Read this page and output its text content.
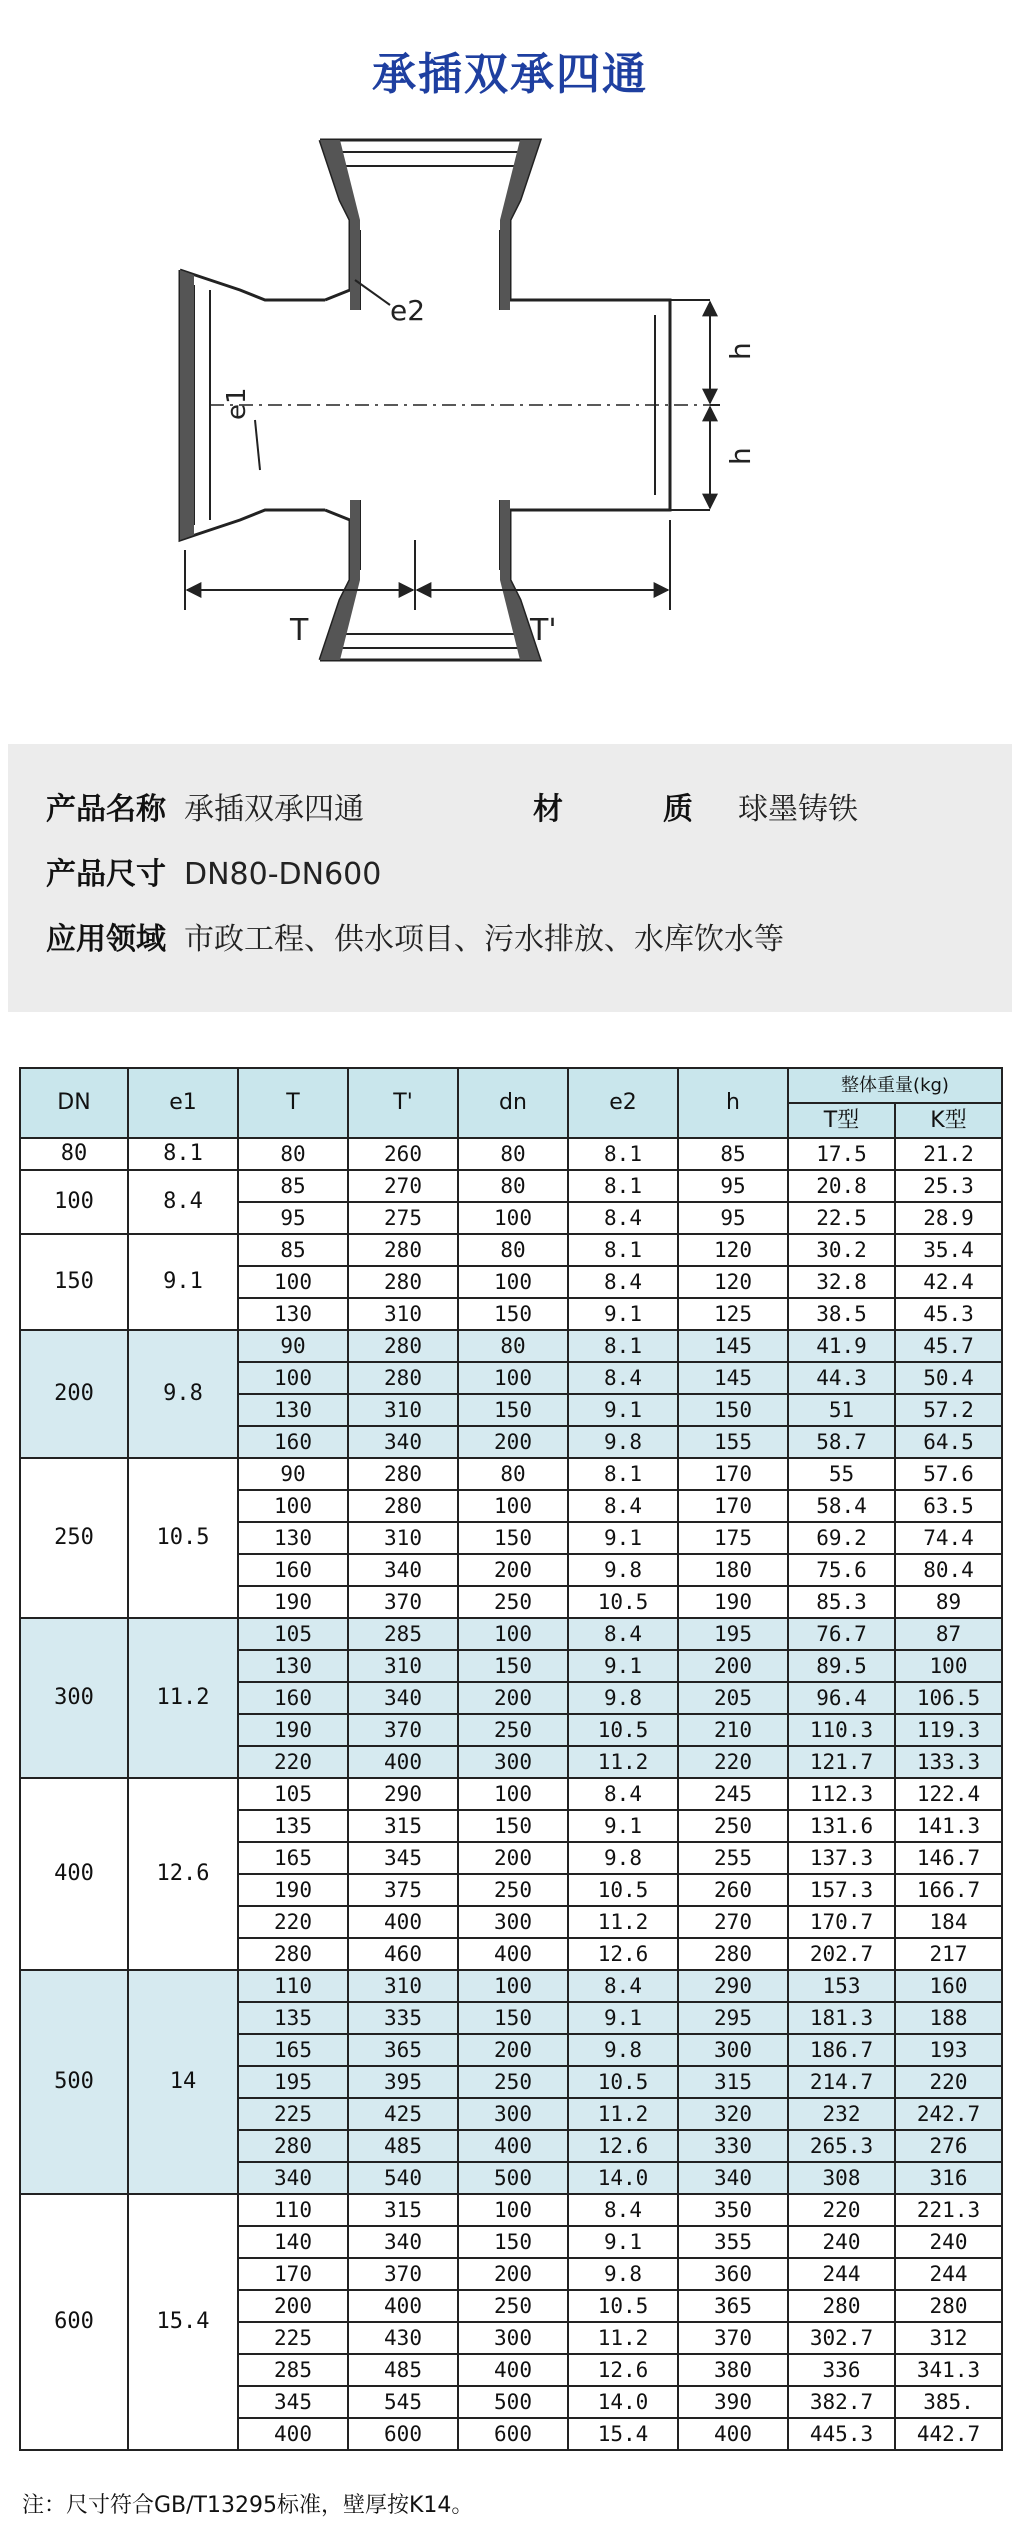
承插双承四通
e2
e1
h
h
T	T'
产品名称 承插双承四通	材	质 球墨铸铁
产品尺寸 DN80-DN600
应用领域 市政工程、供水项目、污水排放、水库饮水等
DN	e1	T	T'	dn	e2	h	整体重量(kg)	
							T型	K型
80	8.1	80	260	80	8.1	85	17.5	21.2
100	8.4	85	270	80	8.1	95	20.8	25.3
		95	275	100	8.4	95	22.5	28.9
150	9.1	85	280	80	8.1	120	30.2	35.4
		100	280	100	8.4	120	32.8	42.4
		130	310	150	9.1	125	38.5	45.3
200	9.8	90	280	80	8.1	145	41.9	45.7
		100	280	100	8.4	145	44.3	50.4
		130	310	150	9.1	150	51	57.2
		160	340	200	9.8	155	58.7	64.5
250	10.5	90	280	80	8.1	170	55	57.6
		100	280	100	8.4	170	58.4	63.5
		130	310	150	9.1	175	69.2	74.4
		160	340	200	9.8	180	75.6	80.4
		190	370	250	10.5	190	85.3	89
300	11.2	105	285	100	8.4	195	76.7	87
		130	310	150	9.1	200	89.5	100
		160	340	200	9.8	205	96.4	106.5
		190	370	250	10.5	210	110.3	119.3
		220	400	300	11.2	220	121.7	133.3
400	12.6	105	290	100	8.4	245	112.3	122.4
		135	315	150	9.1	250	131.6	141.3
		165	345	200	9.8	255	137.3	146.7
		190	375	250	10.5	260	157.3	166.7
		220	400	300	11.2	270	170.7	184
		280	460	400	12.6	280	202.7	217
500	14	110	310	100	8.4	290	153	160
		135	335	150	9.1	295	181.3	188
		165	365	200	9.8	300	186.7	193
		195	395	250	10.5	315	214.7	220
		225	425	300	11.2	320	232	242.7
		280	485	400	12.6	330	265.3	276
		340	540	500	14.0	340	308	316
600	15.4	110	315	100	8.4	350	220	221.3
		140	340	150	9.1	355	240	240
		170	370	200	9.8	360	244	244
		200	400	250	10.5	365	280	280
		225	430	300	11.2	370	302.7	312
		285	485	400	12.6	380	336	341.3
		345	545	500	14.0	390	382.7	385.
		400	600	600	15.4	400	445.3	442.7
注：尺寸符合GB/T13295标准，壁厚按K14。
